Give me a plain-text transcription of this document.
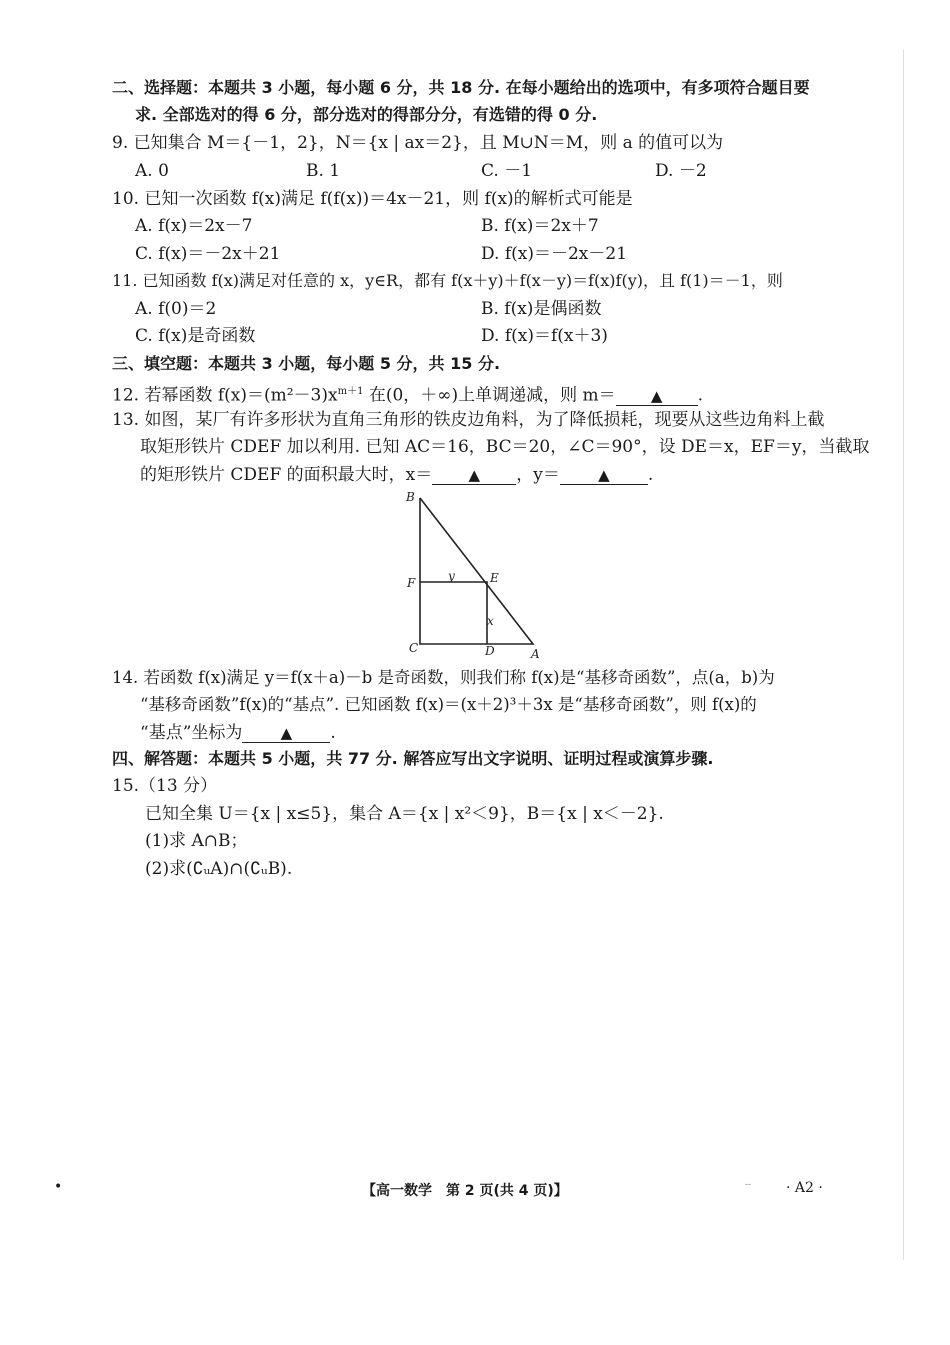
二、选择题：本题共 3 小题，每小题 6 分，共 18 分. 在每小题给出的选项中，有多项符合题目要
求. 全部选对的得 6 分，部分选对的得部分分，有选错的得 0 分.
9. 已知集合 M＝{－1，2}，N＝{x | ax＝2}，且 M∪N＝M，则 a 的值可以为
A. 0	B. 1	C. －1	D. －2
10. 已知一次函数 f(x)满足 f(f(x))＝4x－21，则 f(x)的解析式可能是
A. f(x)＝2x－7	B. f(x)＝2x＋7
C. f(x)＝－2x＋21	D. f(x)＝－2x－21
11. 已知函数 f(x)满足对任意的 x，y∈R，都有 f(x＋y)＋f(x－y)＝f(x)f(y)，且 f(1)＝－1，则
A. f(0)＝2	B. f(x)是偶函数
C. f(x)是奇函数	D. f(x)＝f(x＋3)
三、填空题：本题共 3 小题，每小题 5 分，共 15 分.
12. 若幂函数 $f(x)=(m^2-3)x^{m+1}$ 在(0，＋∞)上单调递减，则 m＝ ▲ .
13. 如图，某厂有许多形状为直角三角形的铁皮边角料，为了降低损耗，现要从这些边角料上截
取矩形铁片 CDEF 加以利用. 已知 AC＝16，BC＝20，∠C＝90°，设 DE＝x，EF＝y，当截取
的矩形铁片 CDEF 的面积最大时，x＝ ▲ ，y＝	▲ .
B
F	y	E
x
C	D	A
14. 若函数 f(x)满足 y＝f(x＋a)－b 是奇函数，则我们称 f(x)是“基移奇函数”，点(a，b)为
“基移奇函数”f(x)的“基点”. 已知函数 f(x)＝(x＋2)³＋3x 是“基移奇函数”，则 f(x)的
“基点”坐标为	▲ .
四、解答题：本题共 5 小题，共 77 分. 解答应写出文字说明、证明过程或演算步骤.
15.（13 分）
已知全集 U＝{x | x≤5}，集合 A＝{x | x²＜9}，B＝{x | x＜－2}.
(1)求 A∩B；
(2)求(∁ᵤA)∩(∁ᵤB).
•	【高一数学　第 2 页(共 4 页)】	-- · A2 ·
